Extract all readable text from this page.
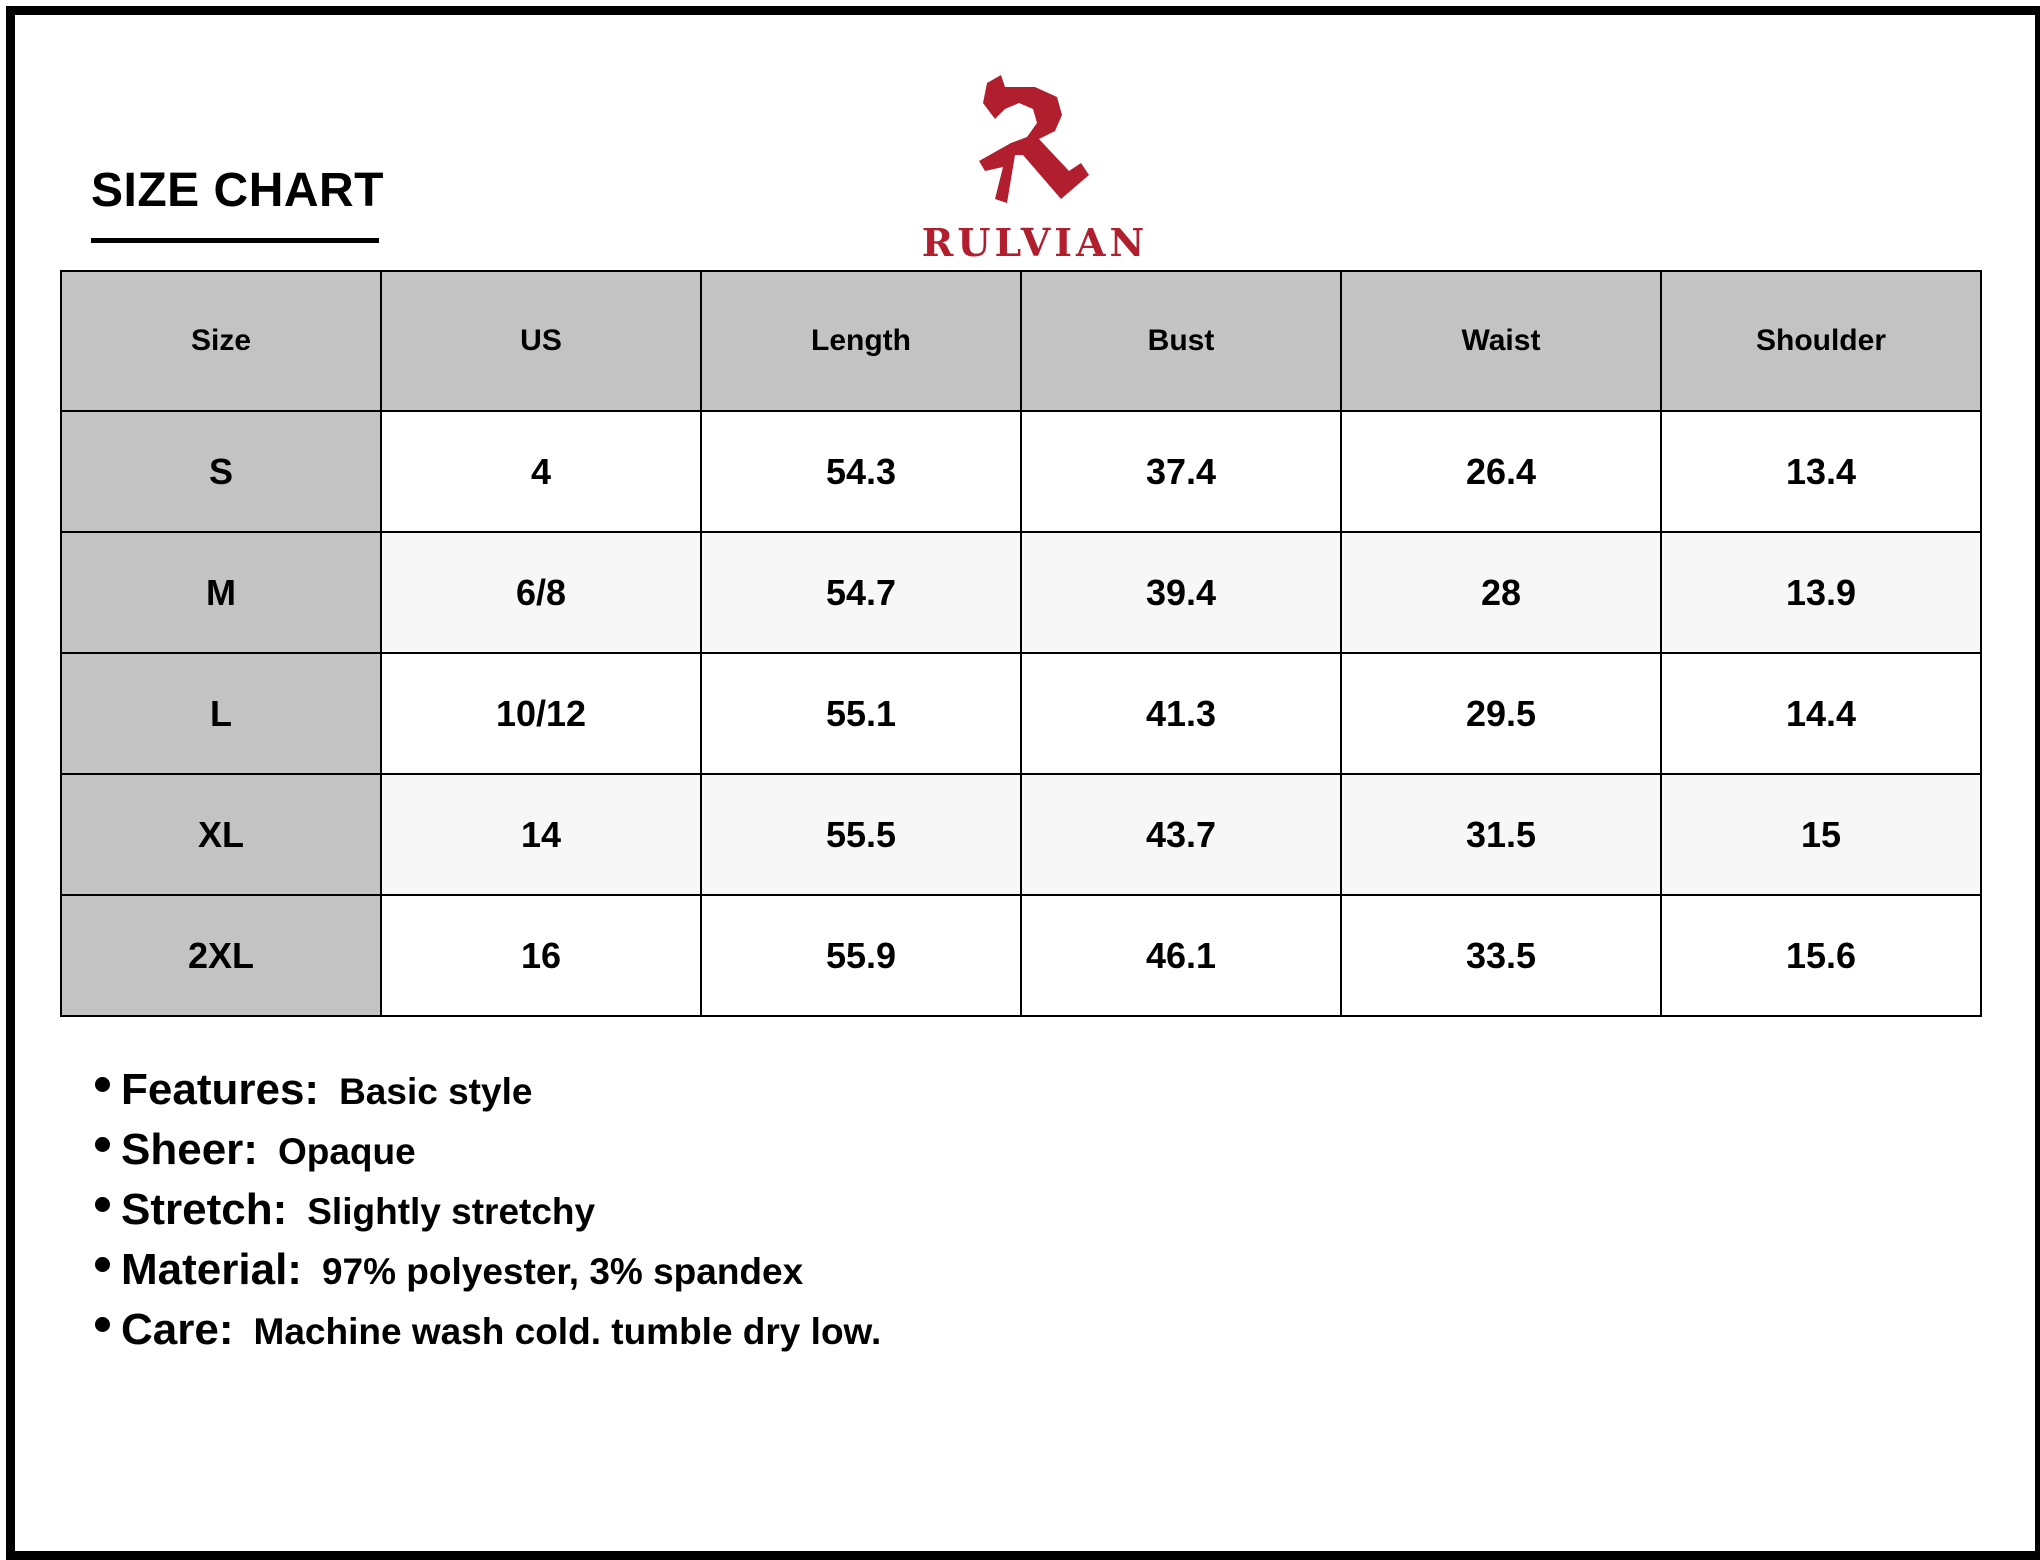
SIZE CHART
RULVIAN
Size	US	Length	Bust	Waist	Shoulder
S	4	54.3	37.4	26.4	13.4
M	6/8	54.7	39.4	28	13.9
L	10/12	55.1	41.3	29.5	14.4
XL	14	55.5	43.7	31.5	15
2XL	16	55.9	46.1	33.5	15.6
Features: Basic style
Sheer: Opaque
Stretch: Slightly stretchy
Material: 97% polyester, 3% spandex
Care: Machine wash cold. tumble dry low.
